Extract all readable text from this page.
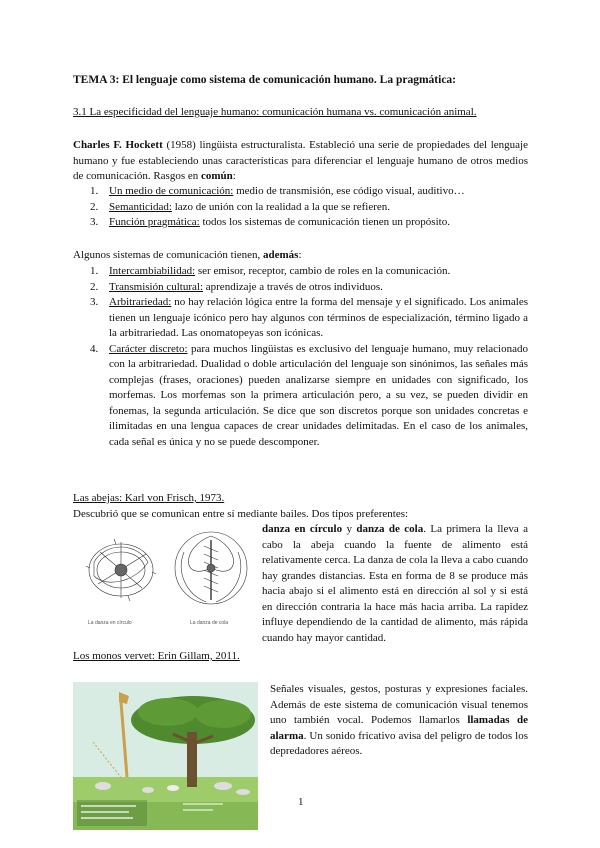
TEMA 3: El lenguaje como sistema de comunicación humano. La pragmática:
3.1 La especificidad del lenguaje humano: comunicación humana vs. comunicación animal.

Charles F. Hockett (1958) lingüista estructuralista. Estableció una serie de propiedades del lenguaje humano y fue estableciendo unas características para diferenciar el lenguaje humano de otros medios de comunicación. Rasgos en común:

1. Un medio de comunicación: medio de transmisión, ese código visual, auditivo…
2. Semanticidad: lazo de unión con la realidad a la que se refieren.
3. Función pragmática: todos los sistemas de comunicación tienen un propósito.

Algunos sistemas de comunicación tienen, además:

1. Intercambiabilidad: ser emisor, receptor, cambio de roles en la comunicación.
2. Transmisión cultural: aprendizaje a través de otros individuos.
3. Arbitrariedad: no hay relación lógica entre la forma del mensaje y el significado. Los animales tienen un lenguaje icónico pero hay algunos con términos de especialización, término ligado a la arbitrariedad. Las onomatopeyas son icónicas.
4. Carácter discreto: para muchos lingüistas es exclusivo del lenguaje humano, muy relacionado con la arbitrariedad. Dualidad o doble articulación del lenguaje son sinónimos, las señales más complejas (frases, oraciones) pueden analizarse siempre en unidades con significado, los morfemas. Los morfemas son la primera articulación pero, a su vez, se pueden dividir en fonemas, la segunda articulación. Se dice que son discretos porque son unidades concretas e ilimitadas en una lengua capaces de crear unidades delimitadas. En el caso de los animales, cada señal es única y no se puede descomponer.
Las abejas: Karl von Frisch, 1973.

Descubrió que se comunican entre sí mediante bailes. Dos tipos preferentes:

La danza en círculo	La danza de cola

danza en círculo y danza de cola. La primera la lleva a cabo la abeja cuando la fuente de alimento está relativamente cerca. La danza de cola la lleva a cabo cuando hay grandes distancias. Esta en forma de 8 se produce más hacia abajo si el alimento está en dirección al sol y si está en dirección contraria la hace más hacia arriba. La rapidez influye dependiendo de la cantidad de alimento, más rápida cuando hay mayor cantidad.

Los monos vervet: Erin Gillam, 2011.

Señales visuales, gestos, posturas y expresiones faciales. Además de este sistema de comunicación visual tenemos uno también vocal. Podemos llamarlos llamadas de alarma. Un sonido fricativo avisa del peligro de todos los depredadores aéreos.

1
